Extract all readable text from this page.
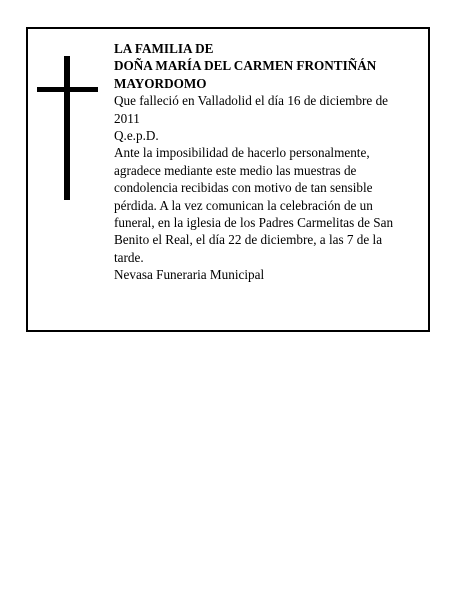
LA FAMILIA DE

DOÑA MARÍA DEL CARMEN FRONTIÑÁN

MAYORDOMO

Que falleció en Valladolid el día 16 de diciembre de 2011

Q.e.p.D.

Ante la imposibilidad de hacerlo personalmente, agradece mediante este medio las muestras de condolencia recibidas con motivo de tan sensible pérdida. A la vez comunican la celebración de un funeral, en la iglesia de los Padres Carmelitas de San Benito el Real, el día 22 de diciembre, a las 7 de la tarde.

Nevasa Funeraria Municipal
